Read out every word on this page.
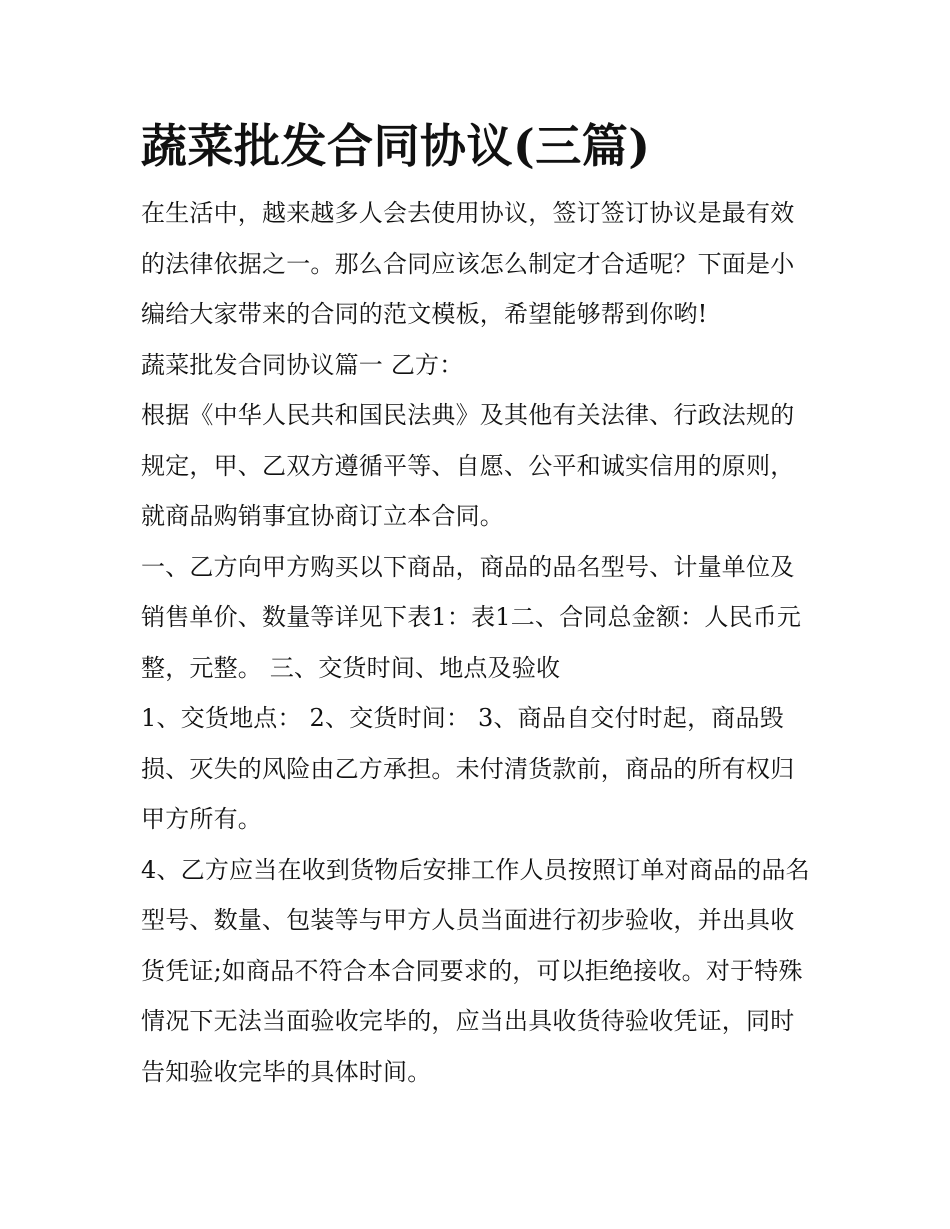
蔬菜批发合同协议(三篇)

在生活中，越来越多人会去使用协议，签订签订协议是最有效的法律依据之一。那么合同应该怎么制定才合适呢？下面是小编给大家带来的合同的范文模板，希望能够帮到你哟!

蔬菜批发合同协议篇一 乙方：

根据《中华人民共和国民法典》及其他有关法律、行政法规的规定，甲、乙双方遵循平等、自愿、公平和诚实信用的原则，就商品购销事宜协商订立本合同。

一、乙方向甲方购买以下商品，商品的品名型号、计量单位及销售单价、数量等详见下表1：表1二、合同总金额：人民币元整，元整。 三、交货时间、地点及验收

1、交货地点： 2、交货时间： 3、商品自交付时起，商品毁损、灭失的风险由乙方承担。未付清货款前，商品的所有权归甲方所有。

4、乙方应当在收到货物后安排工作人员按照订单对商品的品名型号、数量、包装等与甲方人员当面进行初步验收，并出具收货凭证;如商品不符合本合同要求的，可以拒绝接收。对于特殊情况下无法当面验收完毕的，应当出具收货待验收凭证，同时告知验收完毕的具体时间。
